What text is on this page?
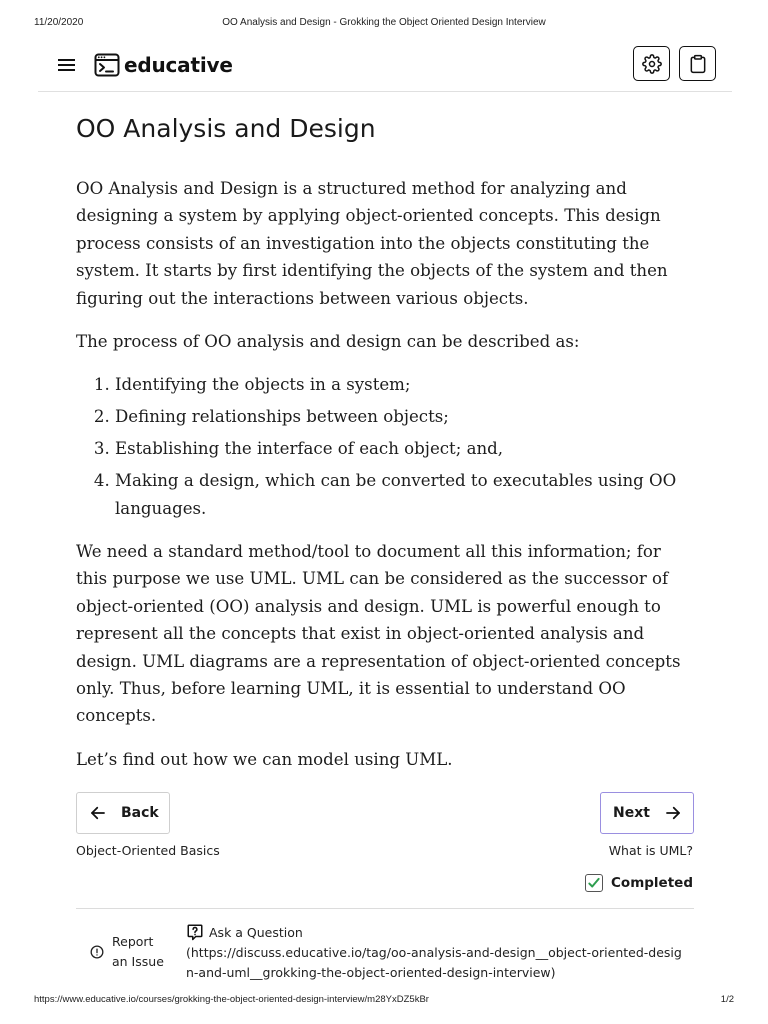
11/20/2020	OO Analysis and Design - Grokking the Object Oriented Design Interview
educative
OO Analysis and Design

OO Analysis and Design is a structured method for analyzing and designing a system by applying object-oriented concepts. This design process consists of an investigation into the objects constituting the system. It starts by first identifying the objects of the system and then figuring out the interactions between various objects.

The process of OO analysis and design can be described as:

1. Identifying the objects in a system;
2. Defining relationships between objects;
3. Establishing the interface of each object; and,
4. Making a design, which can be converted to executables using OO languages.

We need a standard method/tool to document all this information; for this purpose we use UML. UML can be considered as the successor of object-oriented (OO) analysis and design. UML is powerful enough to represent all the concepts that exist in object-oriented analysis and design. UML diagrams are a representation of object-oriented concepts only. Thus, before learning UML, it is essential to understand OO concepts.

Let’s find out how we can model using UML.

Back	Next
Object-Oriented Basics	What is UML?
Completed
Report
an Issue
Ask a Question
(https://discuss.educative.io/tag/oo-analysis-and-design__object-oriented-design-and-uml__grokking-the-object-oriented-design-interview)
https://www.educative.io/courses/grokking-the-object-oriented-design-interview/m28YxDZ5kBr	1/2
